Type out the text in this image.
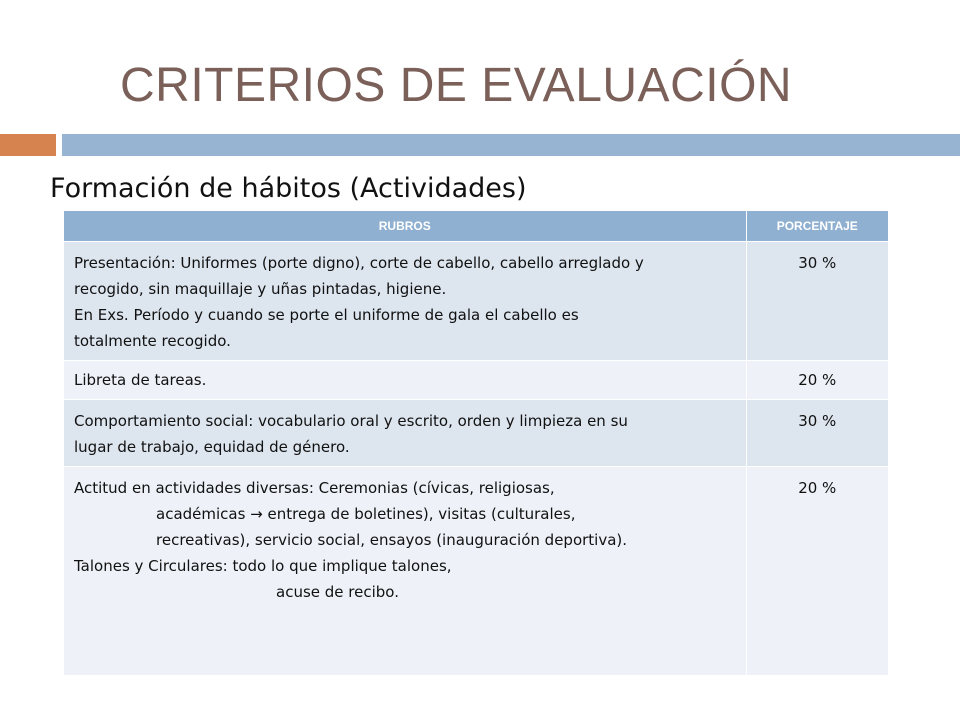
CRITERIOS DE EVALUACIÓN
Formación de hábitos (Actividades)
RUBROS	PORCENTAJE

Presentación: Uniformes (porte digno), corte de cabello, cabello arreglado y
recogido, sin maquillaje y uñas pintadas, higiene.
En Exs. Período y cuando se porte el uniforme de gala el cabello es
totalmente recogido.	30 %

Libreta de tareas.	20 %

Comportamiento social: vocabulario oral y escrito, orden y limpieza en su
lugar de trabajo, equidad de género.	30 %

Actitud en actividades diversas: Ceremonias (cívicas, religiosas,
académicas → entrega de boletines), visitas (culturales,
recreativas), servicio social, ensayos (inauguración deportiva).
Talones y Circulares: todo lo que implique talones,
acuse de recibo.	20 %
